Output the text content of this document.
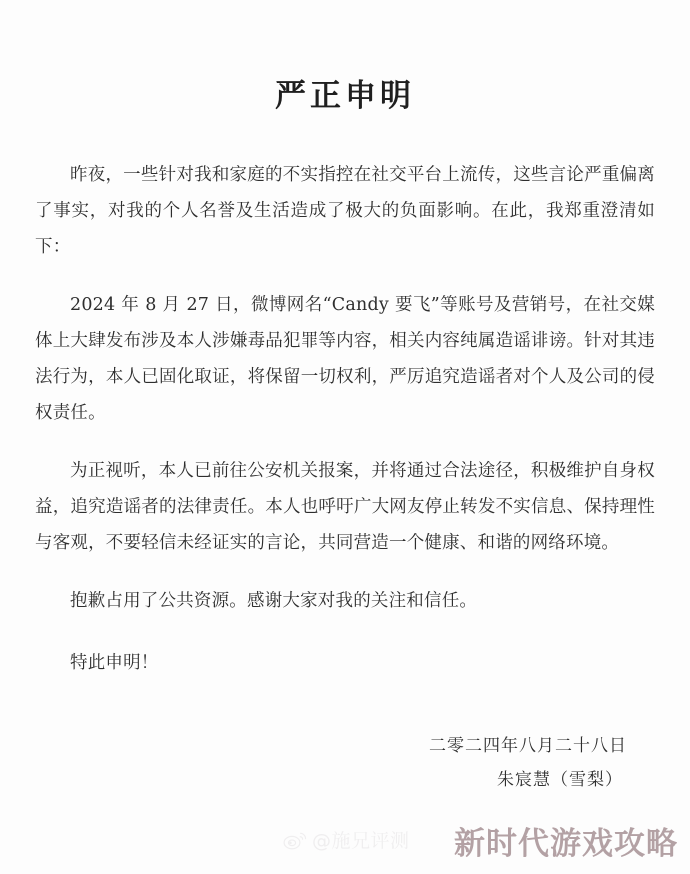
严正申明

昨夜，一些针对我和家庭的不实指控在社交平台上流传，这些言论严重偏离了事实，对我的个人名誉及生活造成了极大的负面影响。在此，我郑重澄清如下：

2024 年 8 月 27 日，微博网名“Candy 要飞”等账号及营销号，在社交媒体上大肆发布涉及本人涉嫌毒品犯罪等内容，相关内容纯属造谣诽谤。针对其违法行为，本人已固化取证，将保留一切权利，严厉追究造谣者对个人及公司的侵权责任。

为正视听，本人已前往公安机关报案，并将通过合法途径，积极维护自身权益，追究造谣者的法律责任。本人也呼吁广大网友停止转发不实信息、保持理性与客观，不要轻信未经证实的言论，共同营造一个健康、和谐的网络环境。

抱歉占用了公共资源。感谢大家对我的关注和信任。

特此申明！

二零二四年八月二十八日
朱宸慧（雪梨）
@施兄评测 新时代游戏攻略
